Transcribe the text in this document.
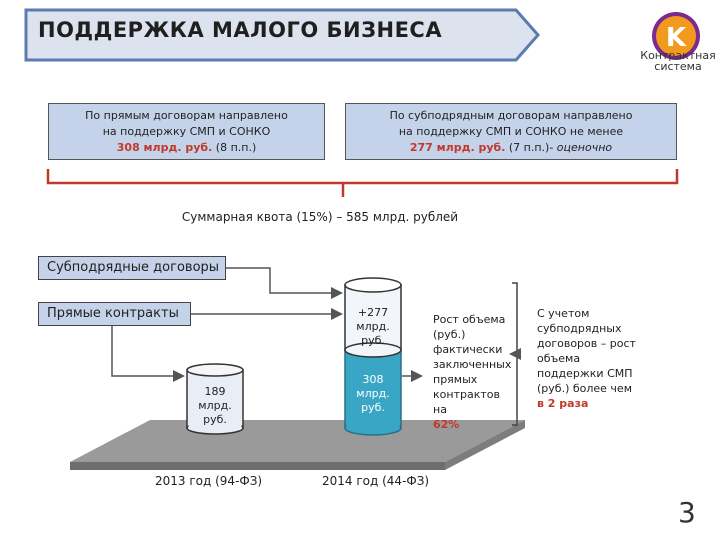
ПОДДЕРЖКА МАЛОГО БИЗНЕСА	K
Контрактная
система
По прямым договорам направлено
на поддержку СМП и СОНКО
308 млрд. руб. (8 п.п.)
По субподрядным договорам направлено
на поддержку СМП и СОНКО не менее
277 млрд. руб. (7 п.п.)- оценочно
Суммарная квота (15%) – 585 млрд. рублей
Субподрядные договоры
Прямые контракты
189
млрд.
руб.
+277
млрд.
руб.
308
млрд.
руб.
Рост объема (руб.) фактически заключенных прямых контрактов на
62%
С учетом субподрядных договоров – рост объема поддержки СМП (руб.) более чем в 2 раза
2013 год (94-ФЗ)	2014 год (44-ФЗ)
3
